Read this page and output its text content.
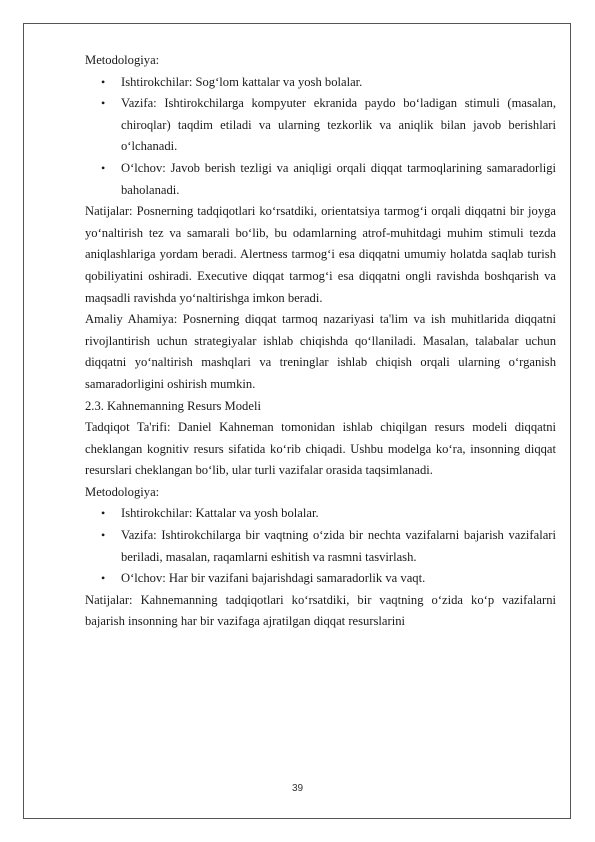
Metodologiya:

• Ishtirokchilar: Sog‘lom kattalar va yosh bolalar.
• Vazifa: Ishtirokchilarga kompyuter ekranida paydo bo‘ladigan stimuli (masalan, chiroqlar) taqdim etiladi va ularning tezkorlik va aniqlik bilan javob berishlari o‘lchanadi.
• O‘lchov: Javob berish tezligi va aniqligi orqali diqqat tarmoqlarining samaradorligi baholanadi.

Natijalar: Posnerning tadqiqotlari ko‘rsatdiki, orientatsiya tarmog‘i orqali diqqatni bir joyga yo‘naltirish tez va samarali bo‘lib, bu odamlarning atrof-muhitdagi muhim stimuli tezda aniqlashlariga yordam beradi. Alertness tarmog‘i esa diqqatni umumiy holatda saqlab turish qobiliyatini oshiradi. Executive diqqat tarmog‘i esa diqqatni ongli ravishda boshqarish va maqsadli ravishda yo‘naltirishga imkon beradi.

Amaliy Ahamiya: Posnerning diqqat tarmoq nazariyasi ta'lim va ish muhitlarida diqqatni rivojlantirish uchun strategiyalar ishlab chiqishda qo‘llaniladi. Masalan, talabalar uchun diqqatni yo‘naltirish mashqlari va treninglar ishlab chiqish orqali ularning o‘rganish samaradorligini oshirish mumkin.

2.3. Kahnemanning Resurs Modeli

Tadqiqot Ta'rifi: Daniel Kahneman tomonidan ishlab chiqilgan resurs modeli diqqatni cheklangan kognitiv resurs sifatida ko‘rib chiqadi. Ushbu modelga ko‘ra, insonning diqqat resurslari cheklangan bo‘lib, ular turli vazifalar orasida taqsimlanadi.

Metodologiya:

• Ishtirokchilar: Kattalar va yosh bolalar.
• Vazifa: Ishtirokchilarga bir vaqtning o‘zida bir nechta vazifalarni bajarish vazifalari beriladi, masalan, raqamlarni eshitish va rasmni tasvirlash.
• O‘lchov: Har bir vazifani bajarishdagi samaradorlik va vaqt.

Natijalar: Kahnemanning tadqiqotlari ko‘rsatdiki, bir vaqtning o‘zida ko‘p vazifalarni bajarish insonning har bir vazifaga ajratilgan diqqat resurslarini

39
